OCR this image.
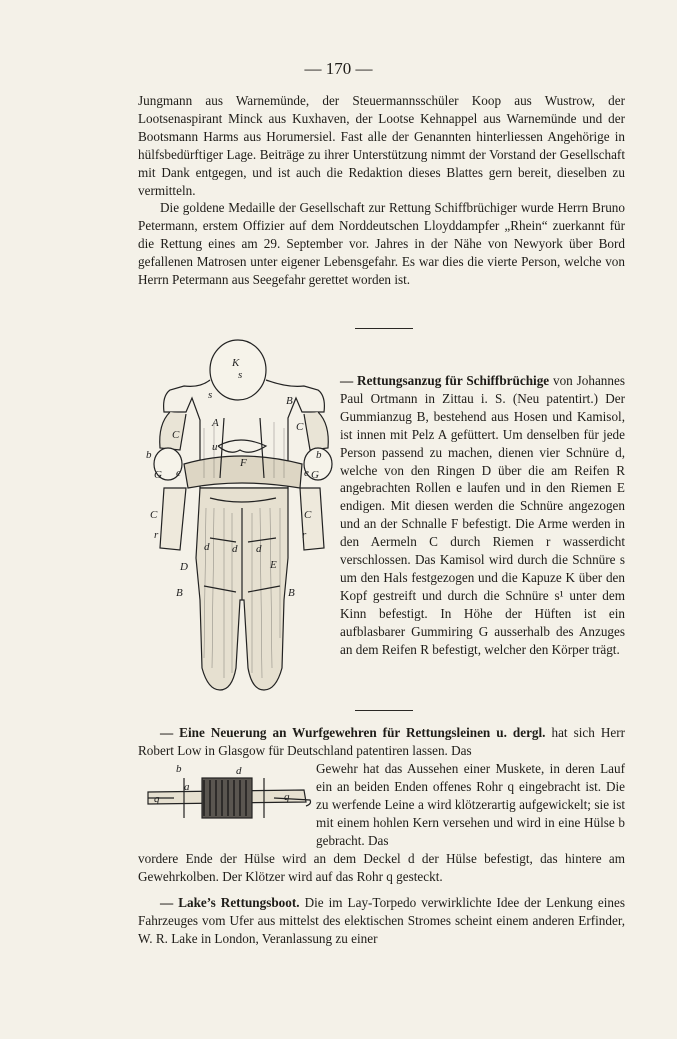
— 170 —

Jungmann aus Warnemünde, der Steuermannsschüler Koop aus Wustrow, der Lootsenaspirant Minck aus Kuxhaven, der Lootse Kehnappel aus Warnemünde und der Bootsmann Harms aus Horumersiel. Fast alle der Genannten hinterliessen Angehörige in hülfsbedürftiger Lage. Beiträge zu ihrer Unterstützung nimmt der Vorstand der Gesellschaft mit Dank entgegen, und ist auch die Redaktion dieses Blattes gern bereit, dieselben zu vermitteln.

Die goldene Medaille der Gesellschaft zur Rettung Schiffbrüchiger wurde Herrn Bruno Petermann, erstem Offizier auf dem Norddeutschen Lloyddampfer „Rhein“ zuerkannt für die Rettung eines am 29. September vor. Jahres in der Nähe von Newyork über Bord gefallenen Matrosen unter eigener Lebensgefahr. Es war dies die vierte Person, welche von Herrn Petermann aus Seegefahr gerettet worden ist.

K
s
s
A
B
C
C
b	b
G	G
e	e
u
F
C	C
r	r
d d d
D	E
B	B
— Rettungsanzug für Schiffbrüchige von Johannes Paul Ortmann in Zittau i. S. (Neu patentirt.) Der Gummianzug B, bestehend aus Hosen und Kamisol, ist innen mit Pelz A gefüttert. Um denselben für jede Person passend zu machen, dienen vier Schnüre d, welche von den Ringen D über die am Reifen R angebrachten Rollen e laufen und in den Riemen E endigen. Mit diesen werden die Schnüre angezogen und an der Schnalle F befestigt. Die Arme werden in den Aermeln C durch Riemen r wasserdicht verschlossen. Das Kamisol wird durch die Schnüre s um den Hals festgezogen und die Kapuze K über den Kopf gestreift und durch die Schnüre s¹ unter dem Kinn befestigt. In Höhe der Hüften ist ein aufblasbarer Gummiring G ausserhalb des Anzuges an dem Reifen R befestigt, welcher den Körper trägt.
— Eine Neuerung an Wurfgewehren für Rettungsleinen u. dergl. hat sich Herr Robert Low in Glasgow für Deutschland patentiren lassen. Das
b
a
d
q	q
Gewehr hat das Aussehen einer Muskete, in deren Lauf ein an beiden Enden offenes Rohr q eingebracht ist. Die zu werfende Leine a wird klötzerartig aufgewickelt; sie ist mit einem hohlen Kern versehen und wird in eine Hülse b gebracht. Das
vordere Ende der Hülse wird an dem Deckel d der Hülse befestigt, das hintere am Gewehrkolben. Der Klötzer wird auf das Rohr q gesteckt.
— Lake’s Rettungsboot. Die im Lay-Torpedo verwirklichte Idee der Lenkung eines Fahrzeuges vom Ufer aus mittelst des elektischen Stromes scheint einem anderen Erfinder, W. R. Lake in London, Veranlassung zu einer
